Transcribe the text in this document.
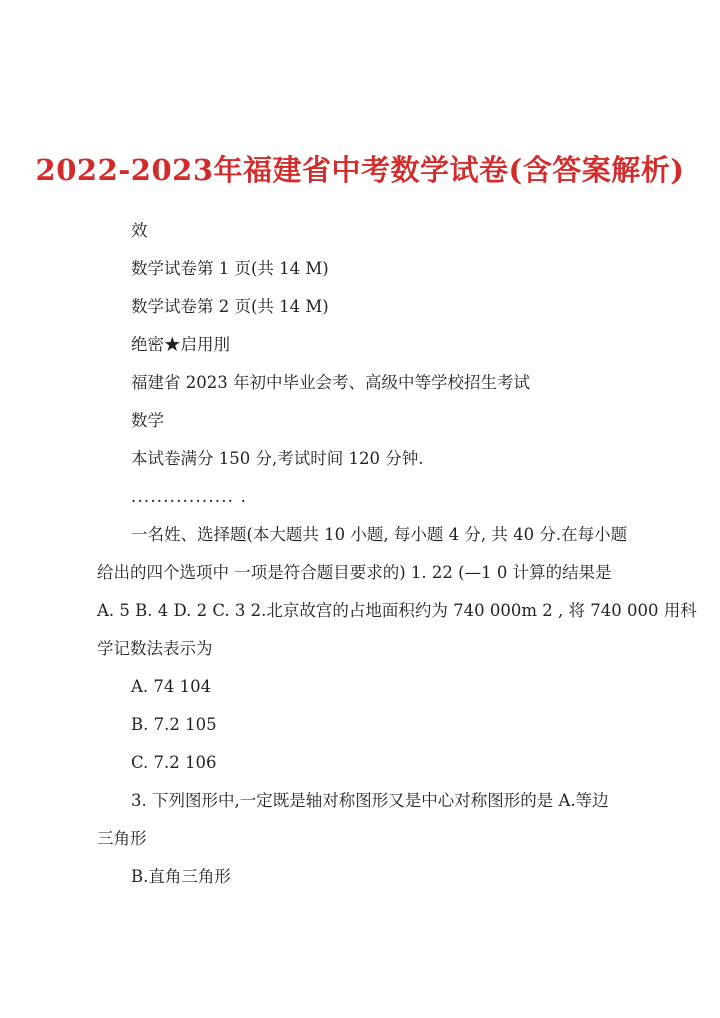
2022-2023年福建省中考数学试卷(含答案解析)
效
数学试卷第 1 页(共 14 M)
数学试卷第 2 页(共 14 M)
绝密★启用刖
福建省 2023 年初中毕业会考、高级中等学校招生考试
数学
本试卷满分 150 分,考试时间 120 分钟.
................ .
一名姓、选择题(本大题共 10 小题, 每小题 4 分, 共 40 分.在每小题
给出的四个选项中 一项是符合题目要求的) 1. 22 (—1 0 计算的结果是
A. 5 B. 4 D. 2 C. 3 2.北京故宫的占地面积约为 740 000m 2 , 将 740 000 用科
学记数法表示为
A. 74 104
B. 7.2 105
C. 7.2 106
3. 下列图形中,一定既是轴对称图形又是中心对称图形的是 A.等边
三角形
B.直角三角形
